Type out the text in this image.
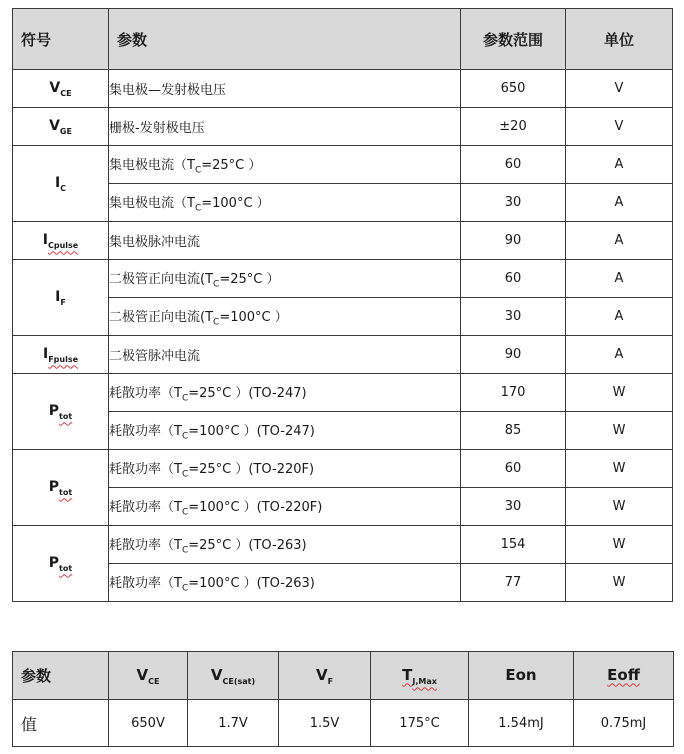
符号	参数	参数范围	单位
$V_{CE}$	集电极—发射极电压	650	V
$V_{GE}$	栅极-发射极电压	±20	V
$I_C$	集电极电流（$T_C=25^\circ C$ ）	60	A
	集电极电流（$T_C=100^\circ C$ ）	30	A
$I_{Cpulse}$	集电极脉冲电流	90	A
$I_F$	二极管正向电流($T_C=25^\circ C$ ）	60	A
	二极管正向电流($T_C=100^\circ C$ ）	30	A
$I_{Fpulse}$	二极管脉冲电流	90	A
$P_{tot}$	耗散功率（$T_C=25^\circ C$ ）(TO-247)	170	W
	耗散功率（$T_C=100^\circ C$ ）(TO-247)	85	W
$P_{tot}$	耗散功率（$T_C=25^\circ C$ ）(TO-220F)	60	W
	耗散功率（$T_C=100^\circ C$ ）(TO-220F)	30	W
$P_{tot}$	耗散功率（$T_C=25^\circ C$ ）(TO-263)	154	W
	耗散功率（$T_C=100^\circ C$ ）(TO-263)	77	W
参数	$V_{CE}$	$V_{CE(sat)}$	$V_F$	$T_{J,Max}$	Eon	Eoff
值	650V	1.7V	1.5V	175°C	1.54mJ	0.75mJ
